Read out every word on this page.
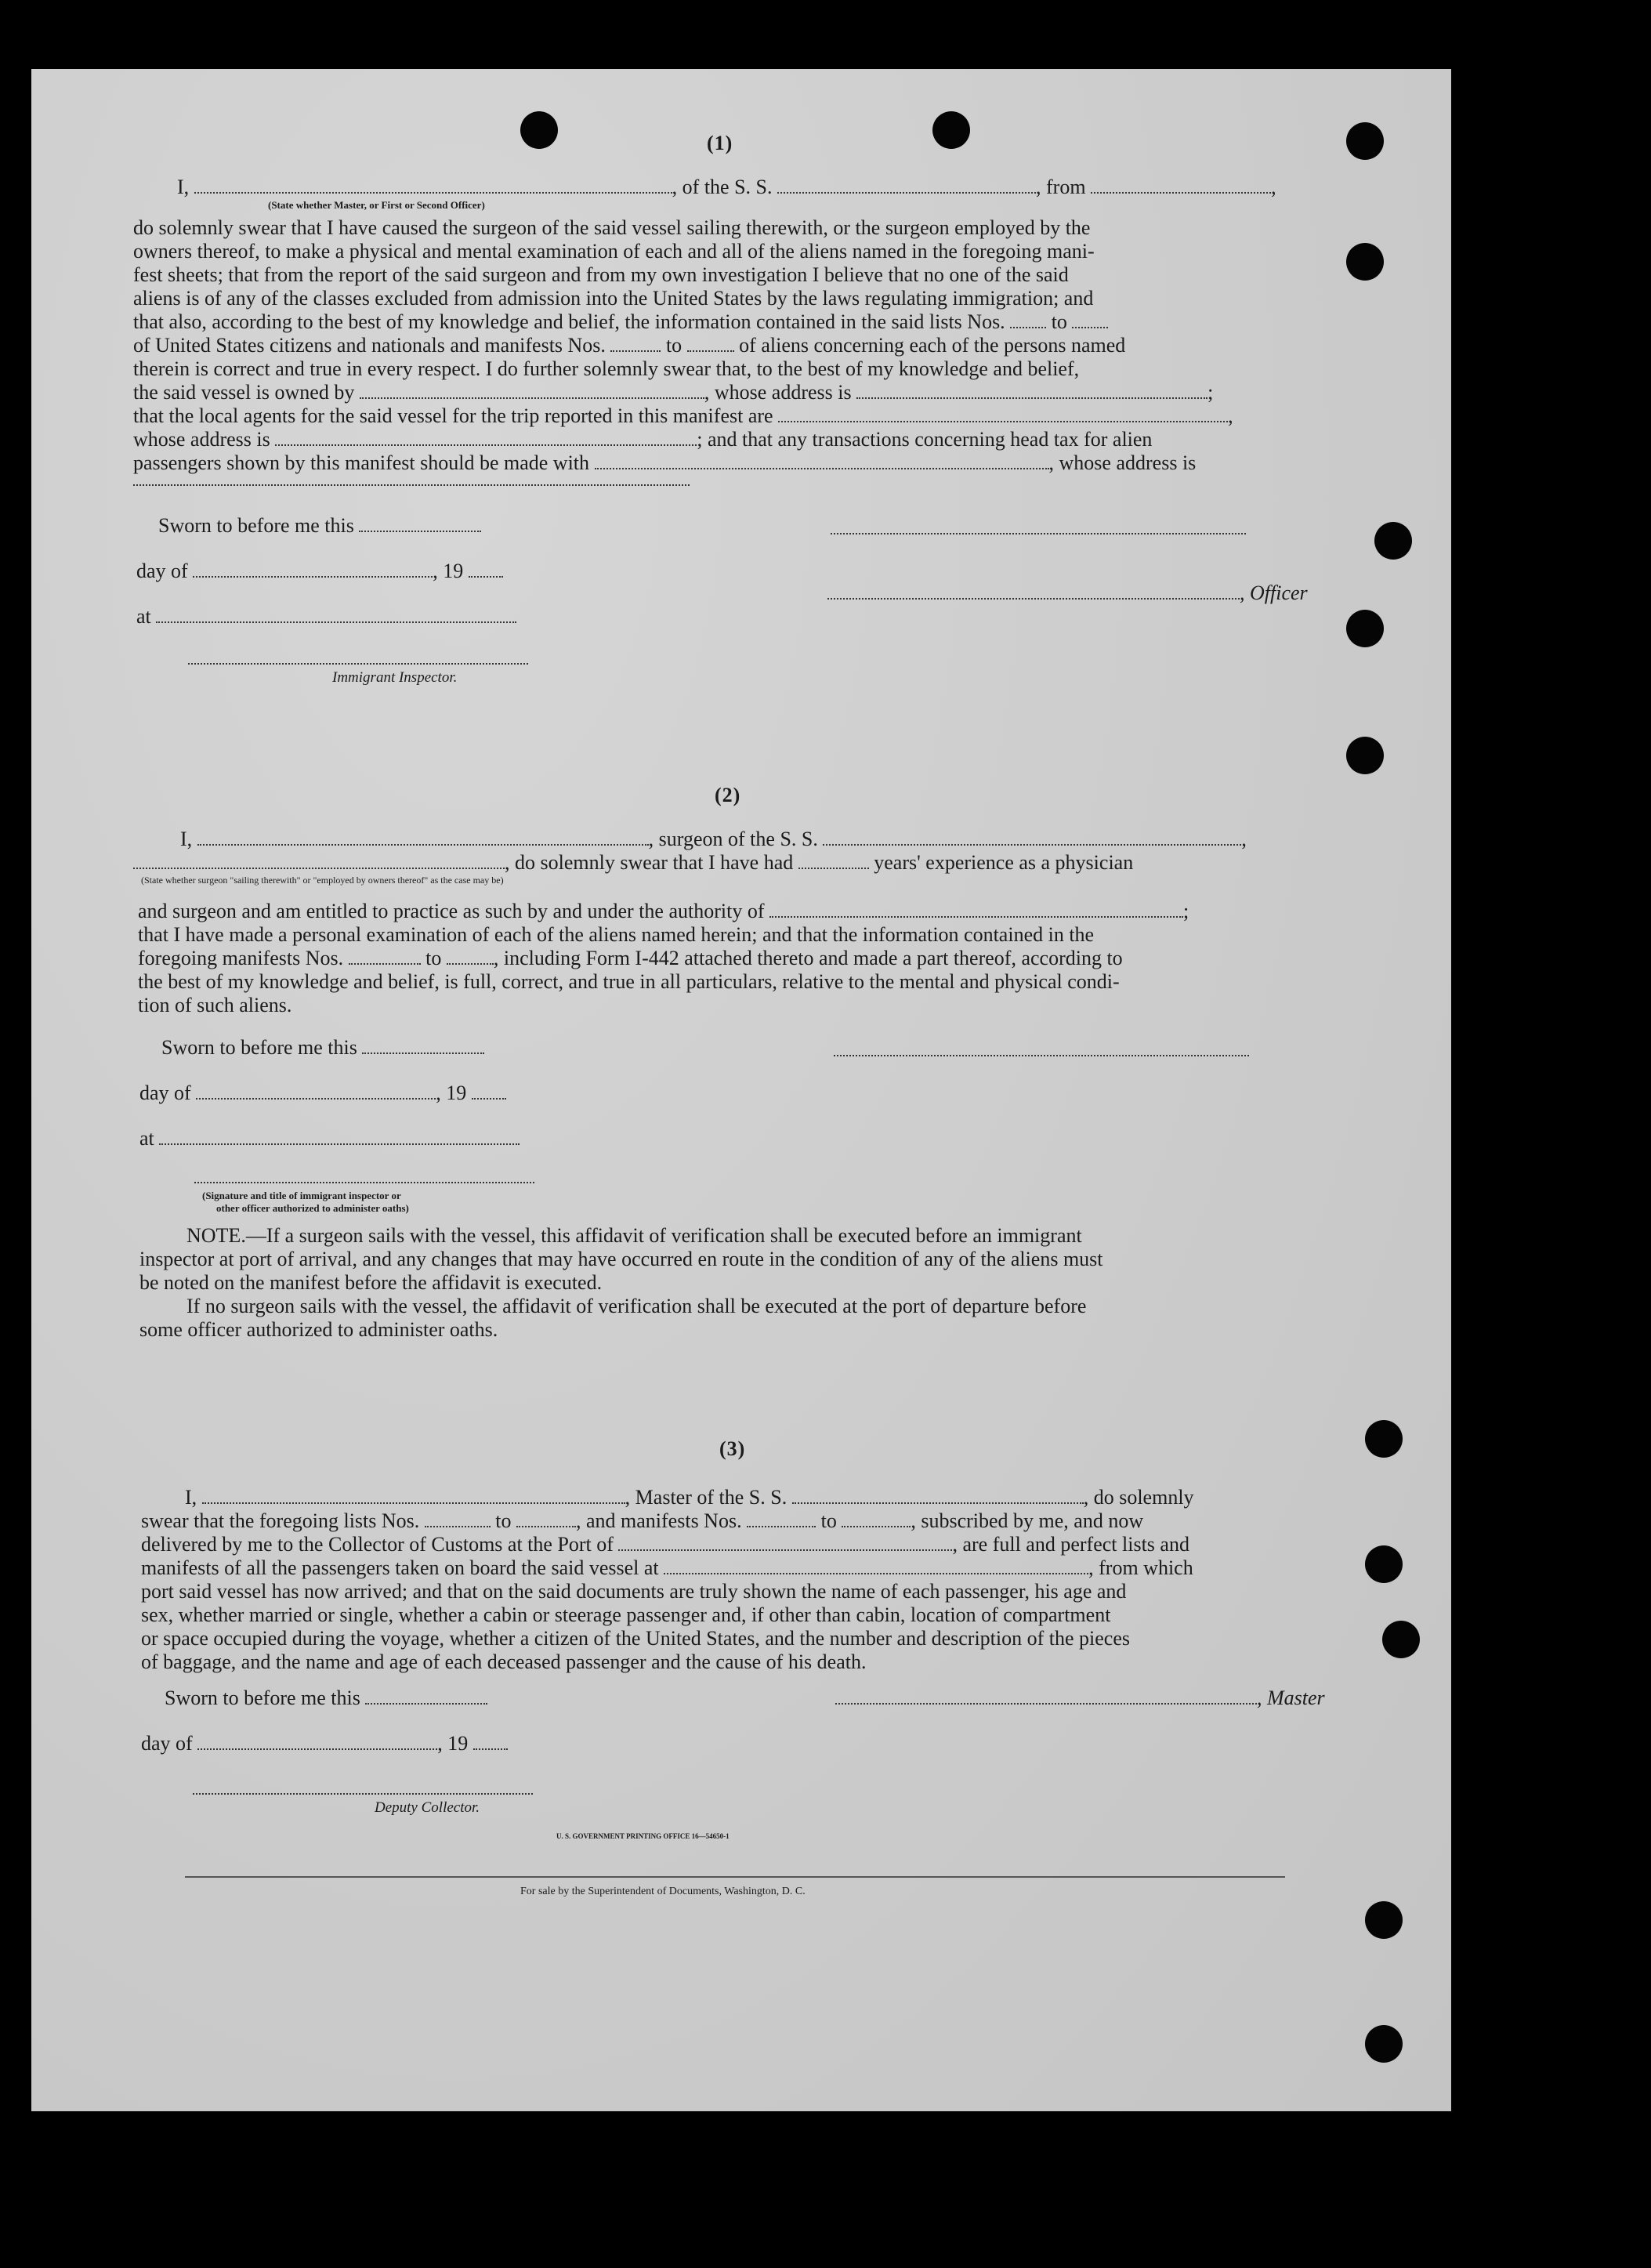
(1)
I,	, of the S. S.	, from	,
(State whether Master, or First or Second Officer)
do solemnly swear that I have caused the surgeon of the said vessel sailing therewith, or the surgeon employed by the
owners thereof, to make a physical and mental examination of each and all of the aliens named in the foregoing mani-
fest sheets; that from the report of the said surgeon and from my own investigation I believe that no one of the said
aliens is of any of the classes excluded from admission into the United States by the laws regulating immigration; and
that also, according to the best of my knowledge and belief, the information contained in the said lists Nos. to
of United States citizens and nationals and manifests Nos.	to	of aliens concerning each of the persons named
therein is correct and true in every respect. I do further solemnly swear that, to the best of my knowledge and belief,
the said vessel is owned by	, whose address is	;
that the local agents for the said vessel for the trip reported in this manifest are	,
whose address is	; and that any transactions concerning head tax for alien
passengers shown by this manifest should be made with	, whose address is
Sworn to before me this
day of	, 19
, Officer
at
Immigrant Inspector.
(2)
I,	, surgeon of the S. S.	,
, do solemnly swear that I have had	years' experience as a physician
(State whether surgeon "sailing therewith" or "employed by owners thereof" as the case may be)
and surgeon and am entitled to practice as such by and under the authority of	;
that I have made a personal examination of each of the aliens named herein; and that the information contained in the
foregoing manifests Nos.	to	, including Form I-442 attached thereto and made a part thereof, according to
the best of my knowledge and belief, is full, correct, and true in all particulars, relative to the mental and physical condi-
tion of such aliens.
Sworn to before me this
day of	, 19
at
(Signature and title of immigrant inspector or
other officer authorized to administer oaths)
NOTE.—If a surgeon sails with the vessel, this affidavit of verification shall be executed before an immigrant
inspector at port of arrival, and any changes that may have occurred en route in the condition of any of the aliens must
be noted on the manifest before the affidavit is executed.
If no surgeon sails with the vessel, the affidavit of verification shall be executed at the port of departure before
some officer authorized to administer oaths.
(3)
I,	, Master of the S. S.	, do solemnly
swear that the foregoing lists Nos.	to	, and manifests Nos.	to	, subscribed by me, and now
delivered by me to the Collector of Customs at the Port of	, are full and perfect lists and
manifests of all the passengers taken on board the said vessel at	, from which
port said vessel has now arrived; and that on the said documents are truly shown the name of each passenger, his age and
sex, whether married or single, whether a cabin or steerage passenger and, if other than cabin, location of compartment
or space occupied during the voyage, whether a citizen of the United States, and the number and description of the pieces
of baggage, and the name and age of each deceased passenger and the cause of his death.
Sworn to before me this	, Master
day of	, 19
Deputy Collector.
U. S. GOVERNMENT PRINTING OFFICE 16—54650-1
For sale by the Superintendent of Documents, Washington, D. C.
